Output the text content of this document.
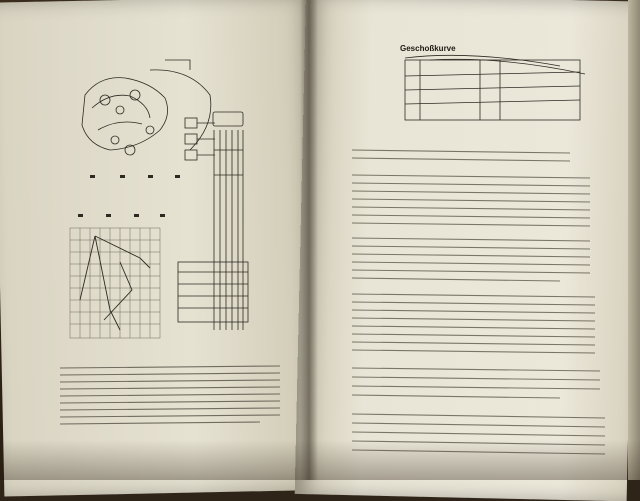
Geschoßkurve
